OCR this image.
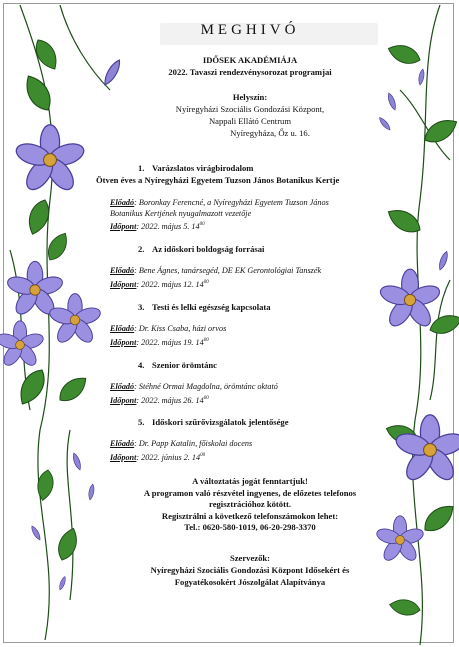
MEGHIVÓ
IDŐSEK AKADÉMIÁJA
2022. Tavaszi rendezvénysorozat programjai
Helyszín:
Nyíregyházi Szociális Gondozási Központ,
Nappali Ellátó Centrum
Nyíregyháza, Őz u. 16.
1. Varázslatos virágbirodalom
Ötven éves a Nyíregyházi Egyetem Tuzson János Botanikus Kertje
Előadó: Boronkay Ferencné, a Nyíregyházi Egyetem Tuzson János
Botanikus Kertjének nyugalmazott vezetője
Időpont: 2022. május 5. $14^{00}$
2. Az időskori boldogság forrásai
Előadó: Bene Ágnes, tanársegéd, DE EK Gerontológiai Tanszék
Időpont: 2022. május 12. $14^{00}$
3. Testi és lelki egészség kapcsolata
Előadó: Dr. Kiss Csaba, házi orvos
Időpont: 2022. május 19. $14^{00}$
4. Szenior örömtánc
Előadó: Stéhné Ormai Magdolna, örömtánc oktató
Időpont: 2022. május 26. $14^{00}$
5. Időskori szűrővizsgálatok jelentősége
Előadó: Dr. Papp Katalin, főiskolai docens
Időpont: 2022. június 2. $14^{00}$
A változtatás jogát fenntartjuk!
A programon való részvétel ingyenes, de előzetes telefonos
regisztrációhoz kötött.
Regisztrálni a következő telefonszámokon lehet:
Tel.: 0620-580-1019, 06-20-298-3370
Szervezők:
Nyíregyházi Szociális Gondozási Központ Idősekért és
Fogyatékosokért Jószolgálat Alapítványa
